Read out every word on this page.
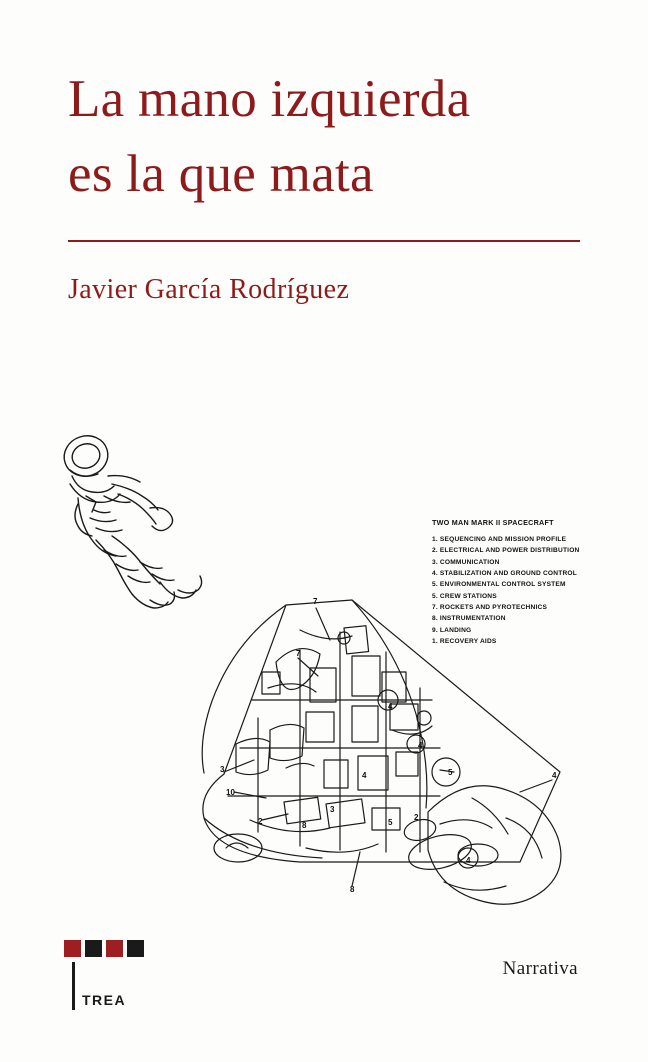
La mano izquierda
es la que mata
Javier García Rodríguez
7
7
3
10
2	8
3
4	5
2
5
4
4
4
4
8
TWO MAN MARK II SPACECRAFT
1. SEQUENCING AND MISSION PROFILE
2. ELECTRICAL AND POWER DISTRIBUTION
3. COMMUNICATION
4. STABILIZATION AND GROUND CONTROL
5. ENVIRONMENTAL CONTROL SYSTEM
5. CREW STATIONS
7. ROCKETS AND PYROTECHNICS
8. INSTRUMENTATION
9. LANDING
1. RECOVERY AIDS
TREA
Narrativa
